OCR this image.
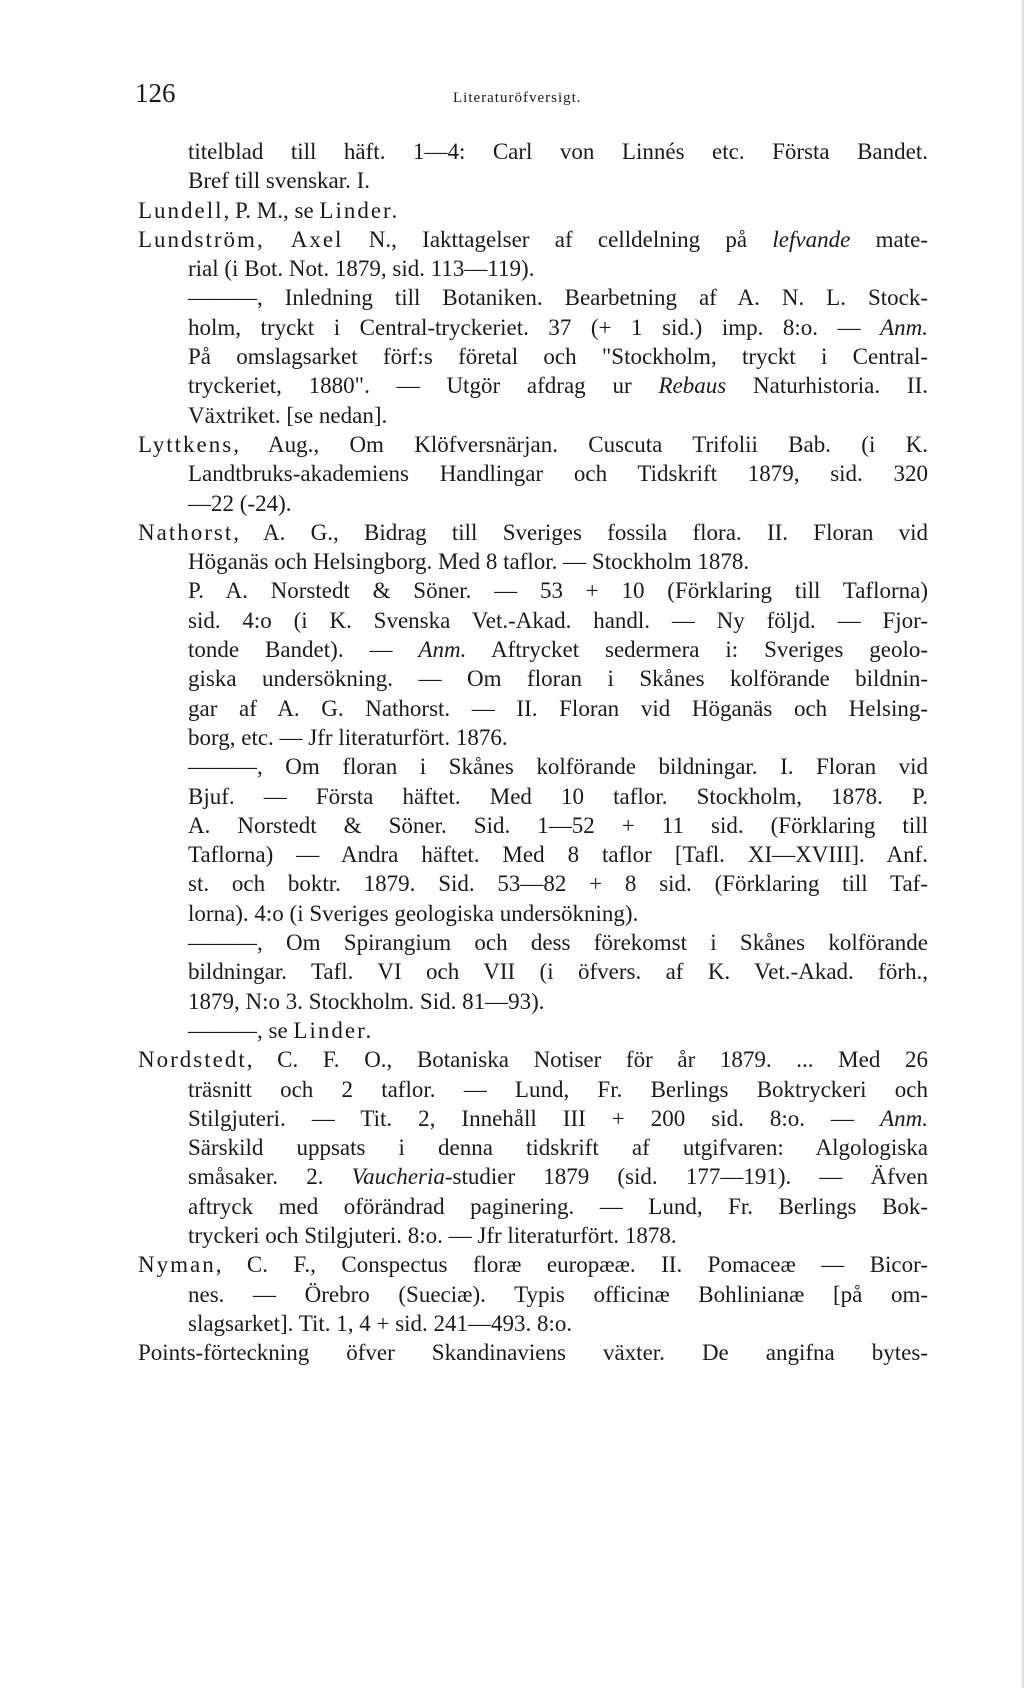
126	Literaturöfversigt.
titelblad till häft. 1—4: Carl von Linnés etc. Första Bandet.
Bref till svenskar. I.
Lundell, P. M., se Linder.
Lundström, Axel N., Iakttagelser af celldelning på lefvande mate-
rial (i Bot. Not. 1879, sid. 113—119).
———, Inledning till Botaniken. Bearbetning af A. N. L. Stock-
holm, tryckt i Central-tryckeriet. 37 (+ 1 sid.) imp. 8:o. — Anm.
På omslagsarket förf:s företal och "Stockholm, tryckt i Central-
tryckeriet, 1880". — Utgör afdrag ur Rebaus Naturhistoria. II.
Växtriket. [se nedan].
Lyttkens, Aug., Om Klöfversnärjan. Cuscuta Trifolii Bab. (i K.
Landtbruks-akademiens Handlingar och Tidskrift 1879, sid. 320
—22 (-24).
Nathorst, A. G., Bidrag till Sveriges fossila flora. II. Floran vid
Höganäs och Helsingborg. Med 8 taflor. — Stockholm 1878.
P. A. Norstedt & Söner. — 53 + 10 (Förklaring till Taflorna)
sid. 4:o (i K. Svenska Vet.-Akad. handl. — Ny följd. — Fjor-
tonde Bandet). — Anm. Aftrycket sedermera i: Sveriges geolo-
giska undersökning. — Om floran i Skånes kolförande bildnin-
gar af A. G. Nathorst. — II. Floran vid Höganäs och Helsing-
borg, etc. — Jfr literaturfört. 1876.
———, Om floran i Skånes kolförande bildningar. I. Floran vid
Bjuf. — Första häftet. Med 10 taflor. Stockholm, 1878. P.
A. Norstedt & Söner. Sid. 1—52 + 11 sid. (Förklaring till
Taflorna) — Andra häftet. Med 8 taflor [Tafl. XI—XVIII]. Anf.
st. och boktr. 1879. Sid. 53—82 + 8 sid. (Förklaring till Taf-
lorna). 4:o (i Sveriges geologiska undersökning).
———, Om Spirangium och dess förekomst i Skånes kolförande
bildningar. Tafl. VI och VII (i öfvers. af K. Vet.-Akad. förh.,
1879, N:o 3. Stockholm. Sid. 81—93).
———, se Linder.
Nordstedt, C. F. O., Botaniska Notiser för år 1879. ... Med 26
träsnitt och 2 taflor. — Lund, Fr. Berlings Boktryckeri och
Stilgjuteri. — Tit. 2, Innehåll III + 200 sid. 8:o. — Anm.
Särskild uppsats i denna tidskrift af utgifvaren: Algologiska
småsaker. 2. Vaucheria-studier 1879 (sid. 177—191). — Äfven
aftryck med oförändrad paginering. — Lund, Fr. Berlings Bok-
tryckeri och Stilgjuteri. 8:o. — Jfr literaturfört. 1878.
Nyman, C. F., Conspectus floræ europææ. II. Pomaceæ — Bicor-
nes. — Örebro (Sueciæ). Typis officinæ Bohlinianæ [på om-
slagsarket]. Tit. 1, 4 + sid. 241—493. 8:o.
Points-förteckning öfver Skandinaviens växter. De angifna bytes-
